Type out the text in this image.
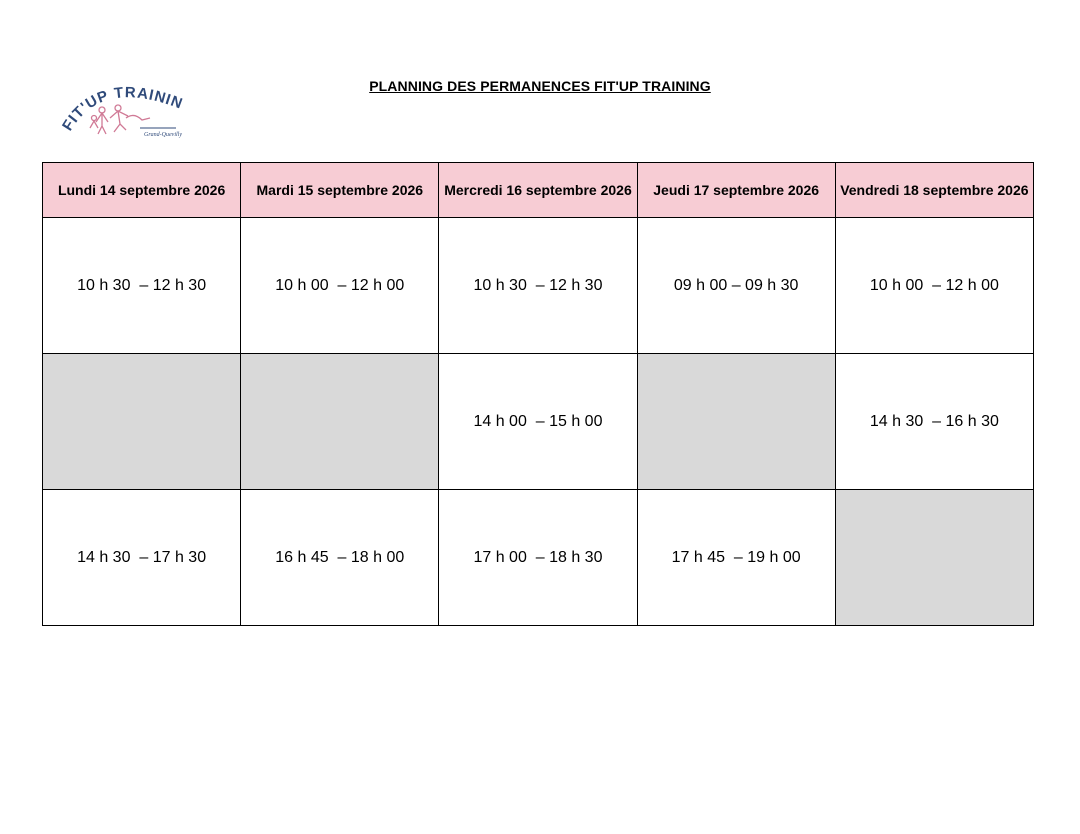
FIT'UP TRAININ
Grand-Quevilly
PLANNING DES PERMANENCES FIT'UP TRAINING
Lundi 14 septembre 2026	Mardi 15 septembre 2026	Mercredi 16 septembre 2026	Jeudi 17 septembre 2026	Vendredi 18 septembre 2026
10 h 30  – 12 h 30	10 h 00  – 12 h 00	10 h 30  – 12 h 30	09 h 00 – 09 h 30	10 h 00  – 12 h 00
		14 h 00  – 15 h 00		14 h 30  – 16 h 30
14 h 30  – 17 h 30	16 h 45  – 18 h 00	17 h 00  – 18 h 30	17 h 45  – 19 h 00	
